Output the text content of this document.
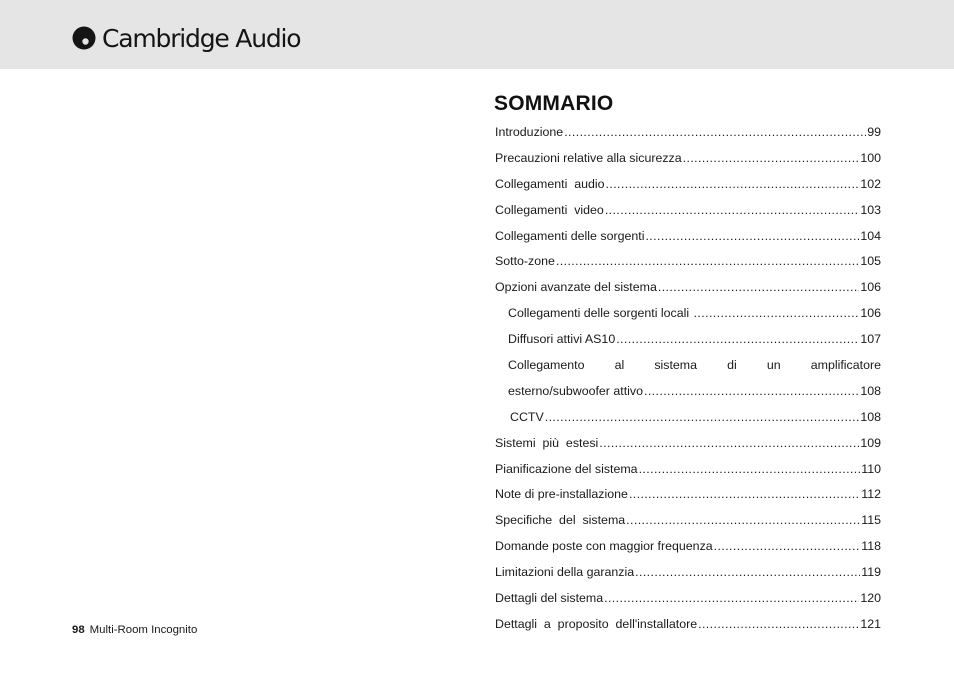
Cambridge Audio
SOMMARIO
Introduzione .....	99
Precauzioni relative alla sicurezza .....	100
Collegamenti  audio .....	102
Collegamenti  video .....	103
Collegamenti delle sorgenti .....	104
Sotto-zone .....	105
Opzioni avanzate del sistema .....	106
Collegamenti delle sorgenti locali .....	106
Diffusori attivi AS10 .....	107
Collegamento al sistema di un amplificatore
esterno/subwoofer attivo .....	108
CCTV .....	108
Sistemi  più  estesi .....	109
Pianificazione del sistema .....	110
Note di pre-installazione .....	112
Specifiche  del  sistema .....	115
Domande poste con maggior frequenza .....	118
Limitazioni della garanzia .....	119
Dettagli del sistema .....	120
Dettagli  a  proposito  dell'installatore .....	121
98 Multi-Room Incognito
